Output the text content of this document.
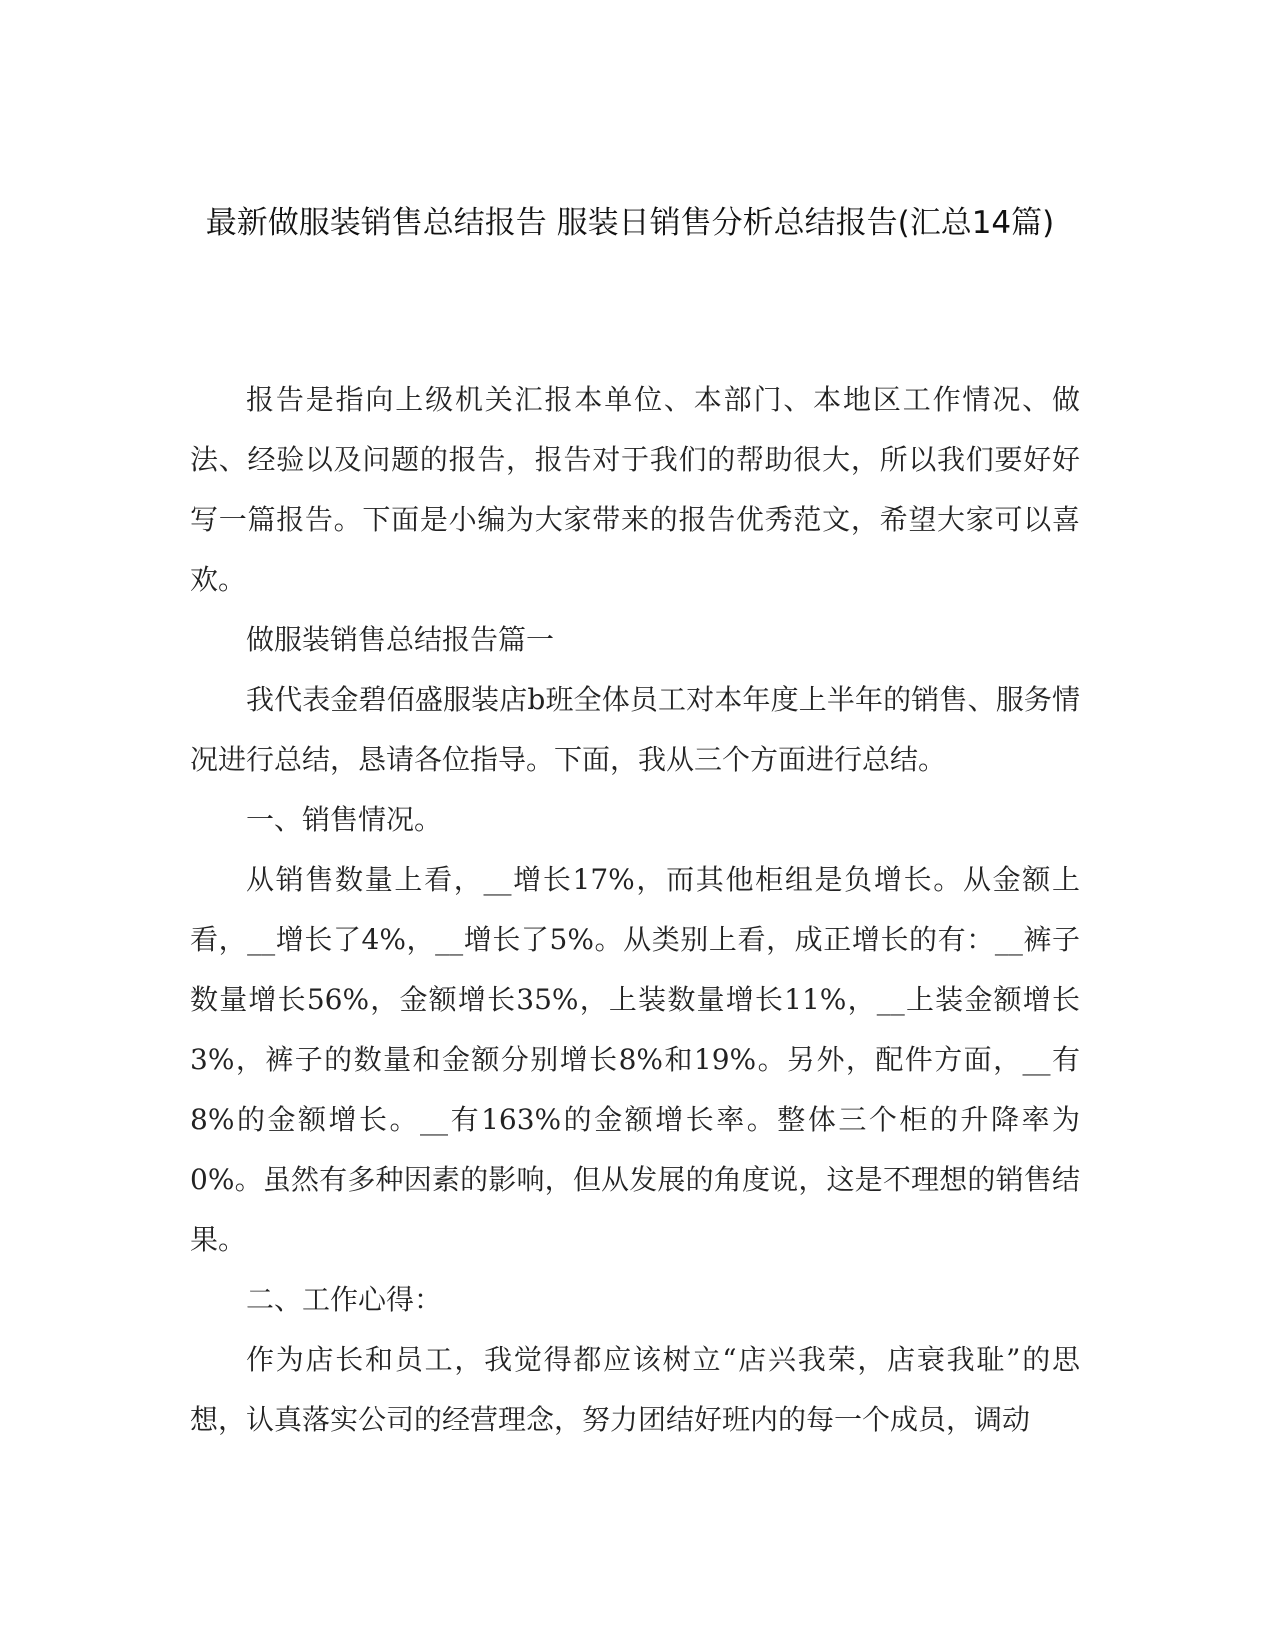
最新做服装销售总结报告 服装日销售分析总结报告(汇总14篇)

报告是指向上级机关汇报本单位、本部门、本地区工作情况、做法、经验以及问题的报告，报告对于我们的帮助很大，所以我们要好好写一篇报告。下面是小编为大家带来的报告优秀范文，希望大家可以喜欢。

做服装销售总结报告篇一

我代表金碧佰盛服装店b班全体员工对本年度上半年的销售、服务情况进行总结，恳请各位指导。下面，我从三个方面进行总结。

一、销售情况。

从销售数量上看，__增长17%，而其他柜组是负增长。从金额上看，__增长了4%，__增长了5%。从类别上看，成正增长的有：__裤子数量增长56%，金额增长35%，上装数量增长11%，__上装金额增长3%，裤子的数量和金额分别增长8%和19%。另外，配件方面，__有8%的金额增长。__有163%的金额增长率。整体三个柜的升降率为0%。虽然有多种因素的影响，但从发展的角度说，这是不理想的销售结果。

二、工作心得：

作为店长和员工，我觉得都应该树立“店兴我荣，店衰我耻”的思想，认真落实公司的经营理念，努力团结好班内的每一个成员，调动
